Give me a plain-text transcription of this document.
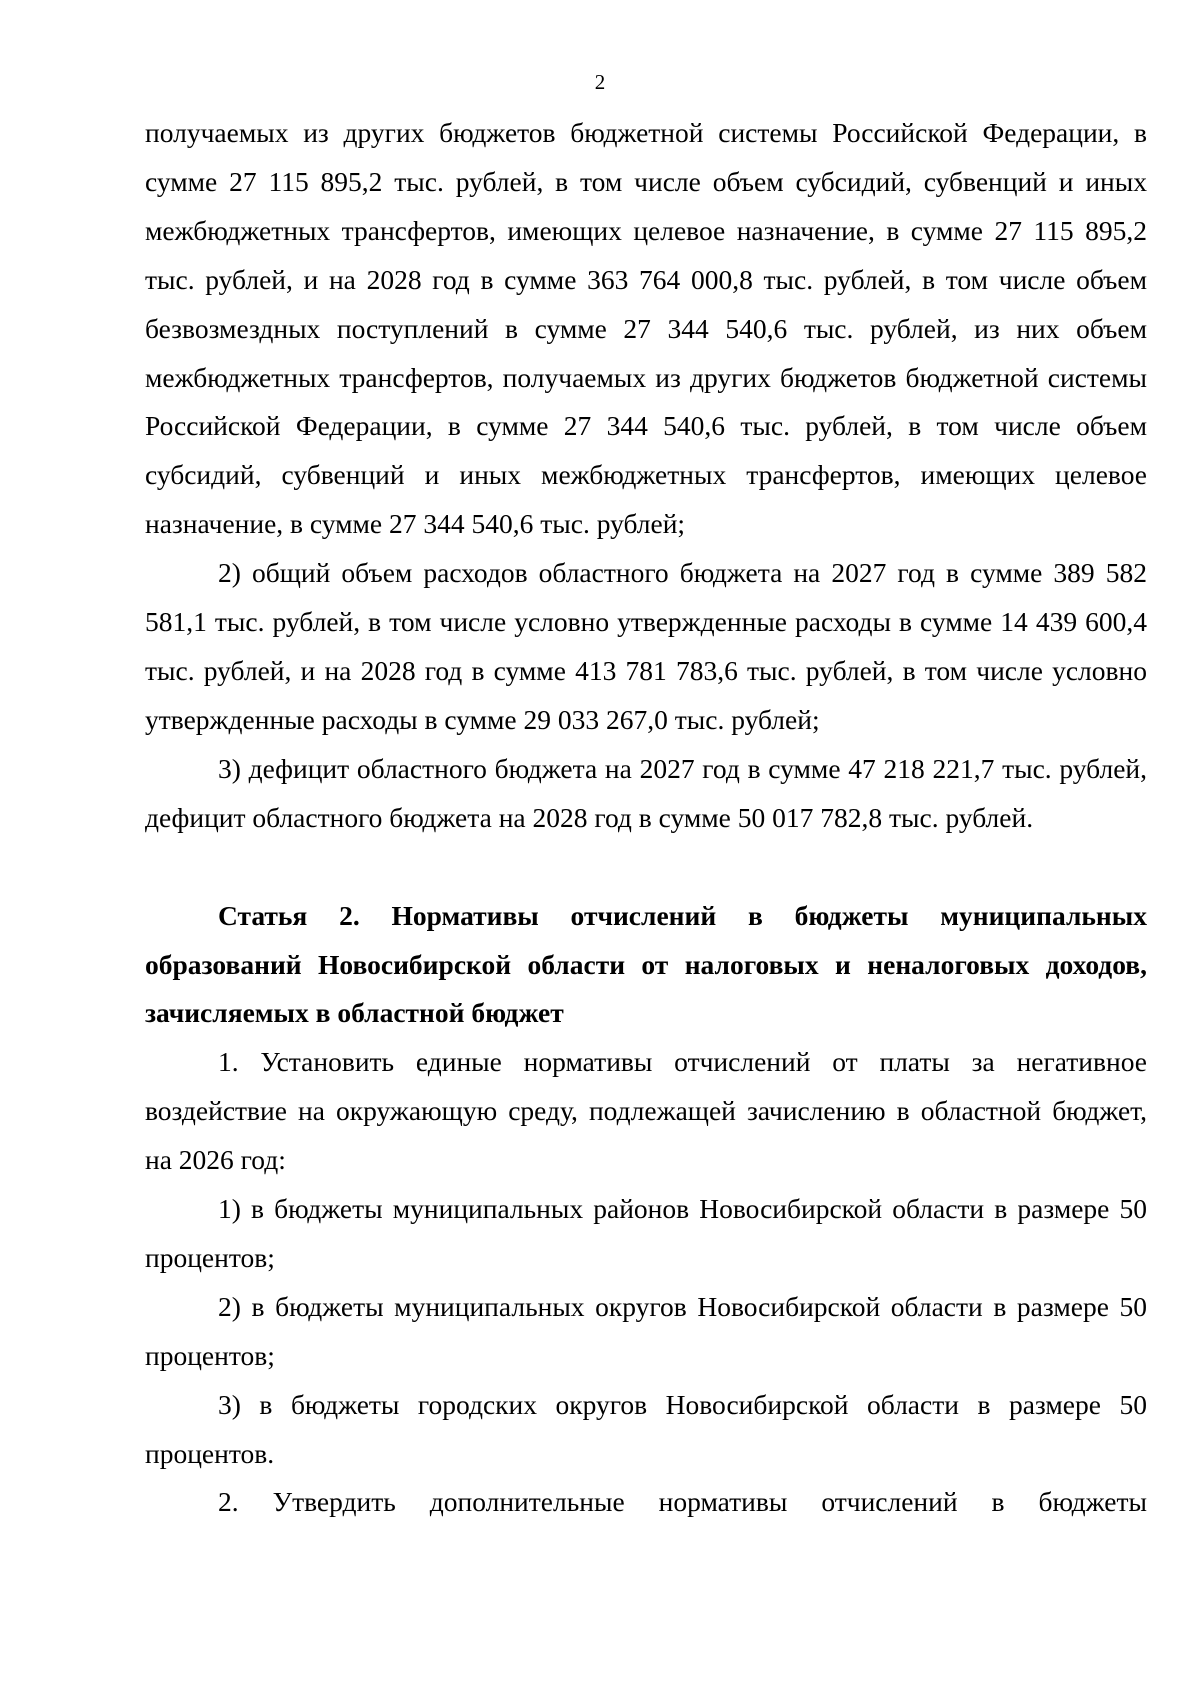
2

получаемых из других бюджетов бюджетной системы Российской Федерации, в сумме 27 115 895,2 тыс. рублей, в том числе объем субсидий, субвенций и иных межбюджетных трансфертов, имеющих целевое назначение, в сумме 27 115 895,2 тыс. рублей, и на 2028 год в сумме 363 764 000,8 тыс. рублей, в том числе объем безвозмездных поступлений в сумме 27 344 540,6 тыс. рублей, из них объем межбюджетных трансфертов, получаемых из других бюджетов бюджетной системы Российской Федерации, в сумме 27 344 540,6 тыс. рублей, в том числе объем субсидий, субвенций и иных межбюджетных трансфертов, имеющих целевое назначение, в сумме 27 344 540,6 тыс. рублей;

2) общий объем расходов областного бюджета на 2027 год в сумме 389 582 581,1 тыс. рублей, в том числе условно утвержденные расходы в сумме 14 439 600,4 тыс. рублей, и на 2028 год в сумме 413 781 783,6 тыс. рублей, в том числе условно утвержденные расходы в сумме 29 033 267,0 тыс. рублей;

3) дефицит областного бюджета на 2027 год в сумме 47 218 221,7 тыс. рублей, дефицит областного бюджета на 2028 год в сумме 50 017 782,8 тыс. рублей.

Статья 2. Нормативы отчислений в бюджеты муниципальных образований Новосибирской области от налоговых и неналоговых доходов, зачисляемых в областной бюджет

1. Установить единые нормативы отчислений от платы за негативное воздействие на окружающую среду, подлежащей зачислению в областной бюджет, на 2026 год:

1) в бюджеты муниципальных районов Новосибирской области в размере 50 процентов;

2) в бюджеты муниципальных округов Новосибирской области в размере 50 процентов;

3) в бюджеты городских округов Новосибирской области в размере 50 процентов.

2. Утвердить дополнительные нормативы отчислений в бюджеты
